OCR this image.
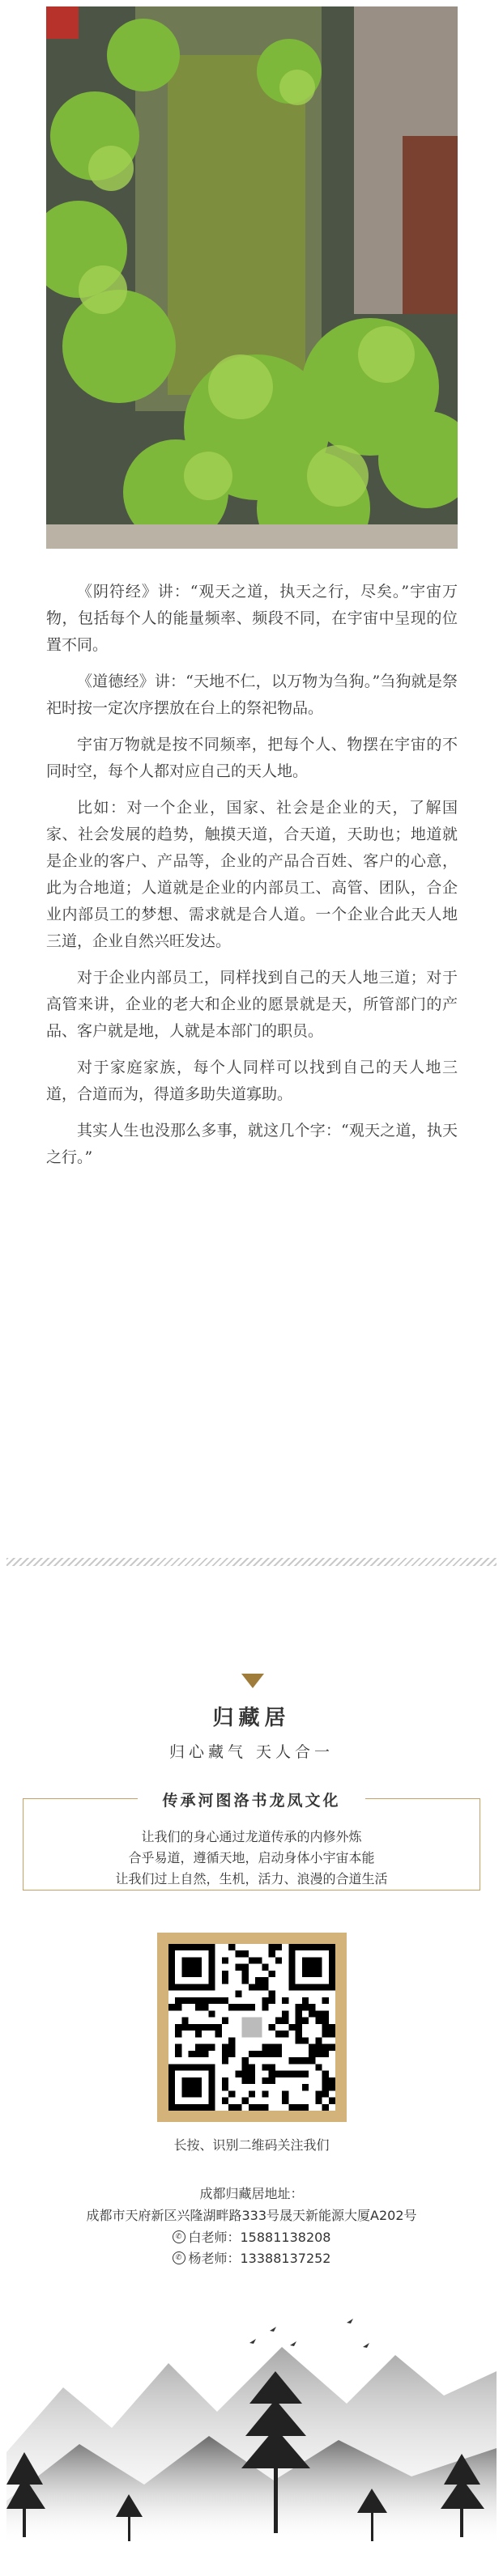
《阴符经》讲：“观天之道，执天之行，尽矣。”宇宙万物，包括每个人的能量频率、频段不同，在宇宙中呈现的位置不同。

《道德经》讲：“天地不仁，以万物为刍狗。”刍狗就是祭祀时按一定次序摆放在台上的祭祀物品。

宇宙万物就是按不同频率，把每个人、物摆在宇宙的不同时空，每个人都对应自己的天人地。

比如：对一个企业，国家、社会是企业的天，了解国家、社会发展的趋势，触摸天道，合天道，天助也；地道就是企业的客户、产品等，企业的产品合百姓、客户的心意，此为合地道；人道就是企业的内部员工、高管、团队，合企业内部员工的梦想、需求就是合人道。一个企业合此天人地三道，企业自然兴旺发达。

对于企业内部员工，同样找到自己的天人地三道；对于高管来讲，企业的老大和企业的愿景就是天，所管部门的产品、客户就是地，人就是本部门的职员。

对于家庭家族，每个人同样可以找到自己的天人地三道，合道而为，得道多助失道寡助。

其实人生也没那么多事，就这几个字：“观天之道，执天之行。”

归藏居
归心藏气 天人合一
传承河图洛书龙凤文化
让我们的身心通过龙道传承的内修外炼
合乎易道，遵循天地，启动身体小宇宙本能
让我们过上自然，生机，活力、浪漫的合道生活
长按、识别二维码关注我们
成都归藏居地址：
成都市天府新区兴隆湖畔路333号晟天新能源大厦A202号
✆ 白老师：15881138208
✆ 杨老师：13388137252
